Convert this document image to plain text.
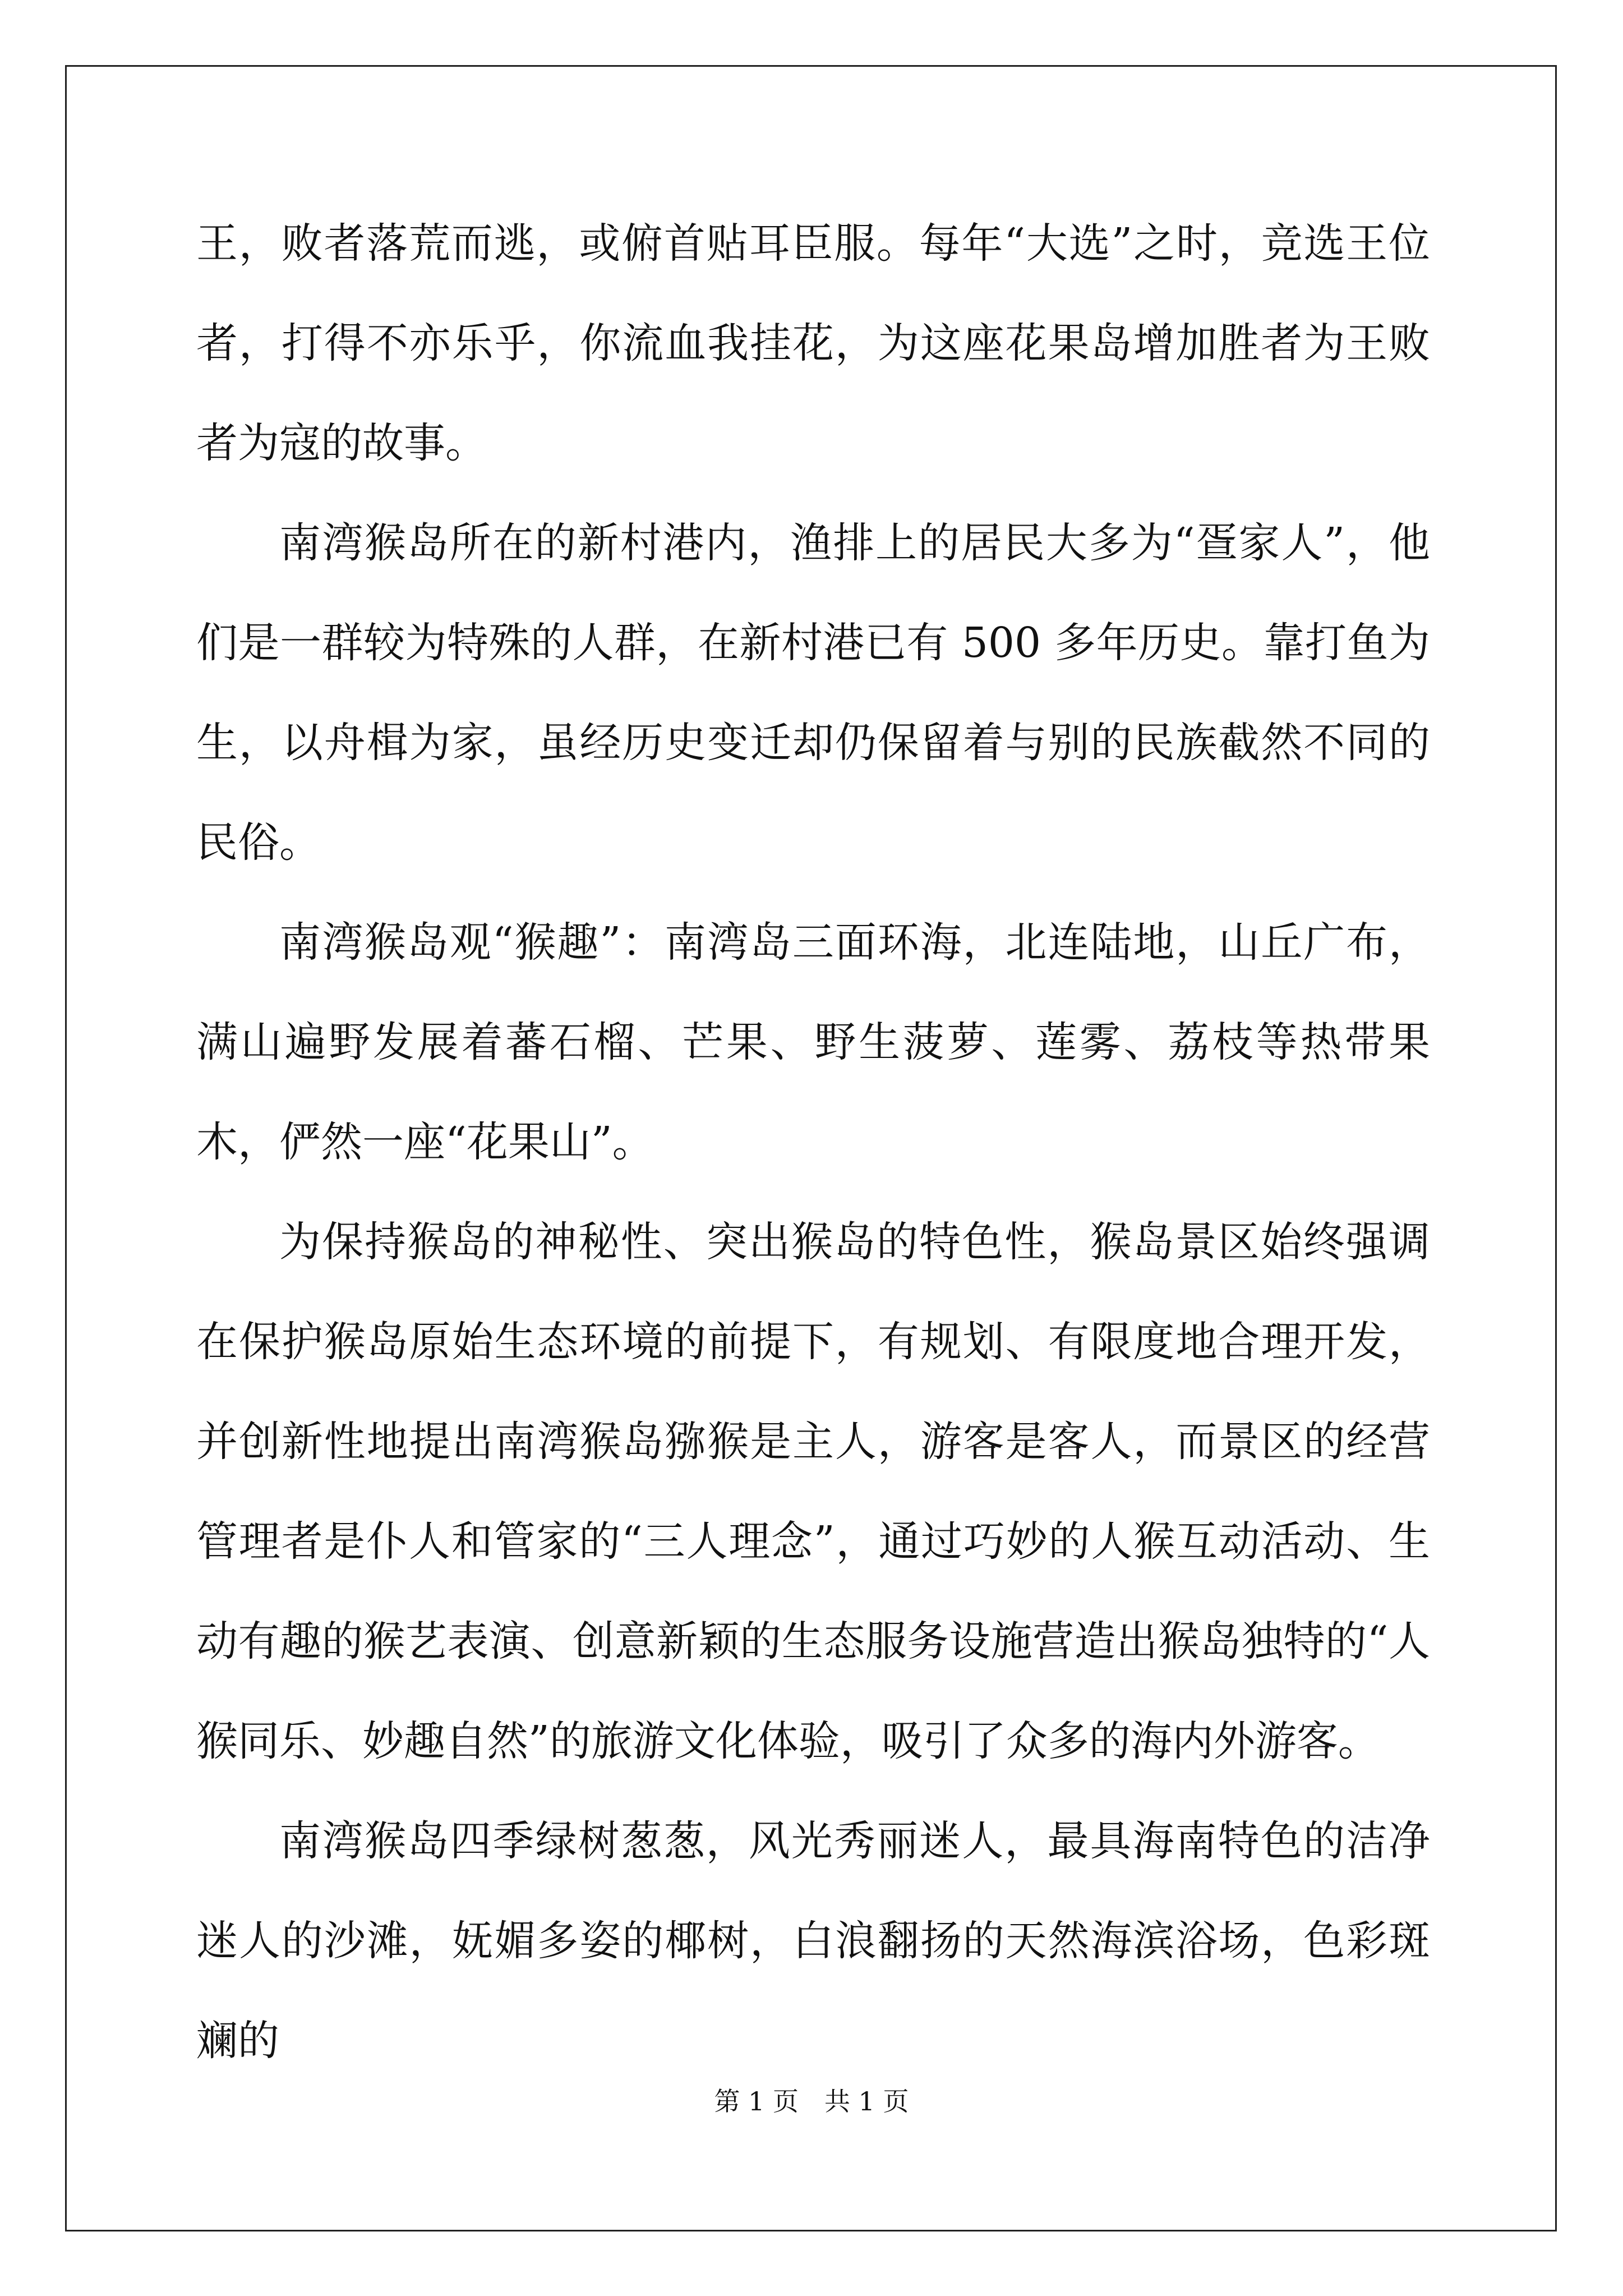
王，败者落荒而逃，或俯首贴耳臣服。每年“大选”之时，竞选王位者，打得不亦乐乎，你流血我挂花，为这座花果岛增加胜者为王败者为寇的故事。

南湾猴岛所在的新村港内，渔排上的居民大多为“疍家人”，他们是一群较为特殊的人群，在新村港已有 500 多年历史。靠打鱼为生，以舟楫为家，虽经历史变迁却仍保留着与别的民族截然不同的民俗。

南湾猴岛观“猴趣”：南湾岛三面环海，北连陆地，山丘广布，满山遍野发展着蕃石榴、芒果、野生菠萝、莲雾、荔枝等热带果木，俨然一座“花果山”。

为保持猴岛的神秘性、突出猴岛的特色性，猴岛景区始终强调在保护猴岛原始生态环境的前提下，有规划、有限度地合理开发，并创新性地提出南湾猴岛猕猴是主人，游客是客人，而景区的经营管理者是仆人和管家的“三人理念”，通过巧妙的人猴互动活动、生动有趣的猴艺表演、创意新颖的生态服务设施营造出猴岛独特的“人猴同乐、妙趣自然”的旅游文化体验，吸引了众多的海内外游客。

南湾猴岛四季绿树葱葱，风光秀丽迷人，最具海南特色的洁净迷人的沙滩，妩媚多姿的椰树，白浪翻扬的天然海滨浴场，色彩斑斓的

第 1 页　共 1 页
